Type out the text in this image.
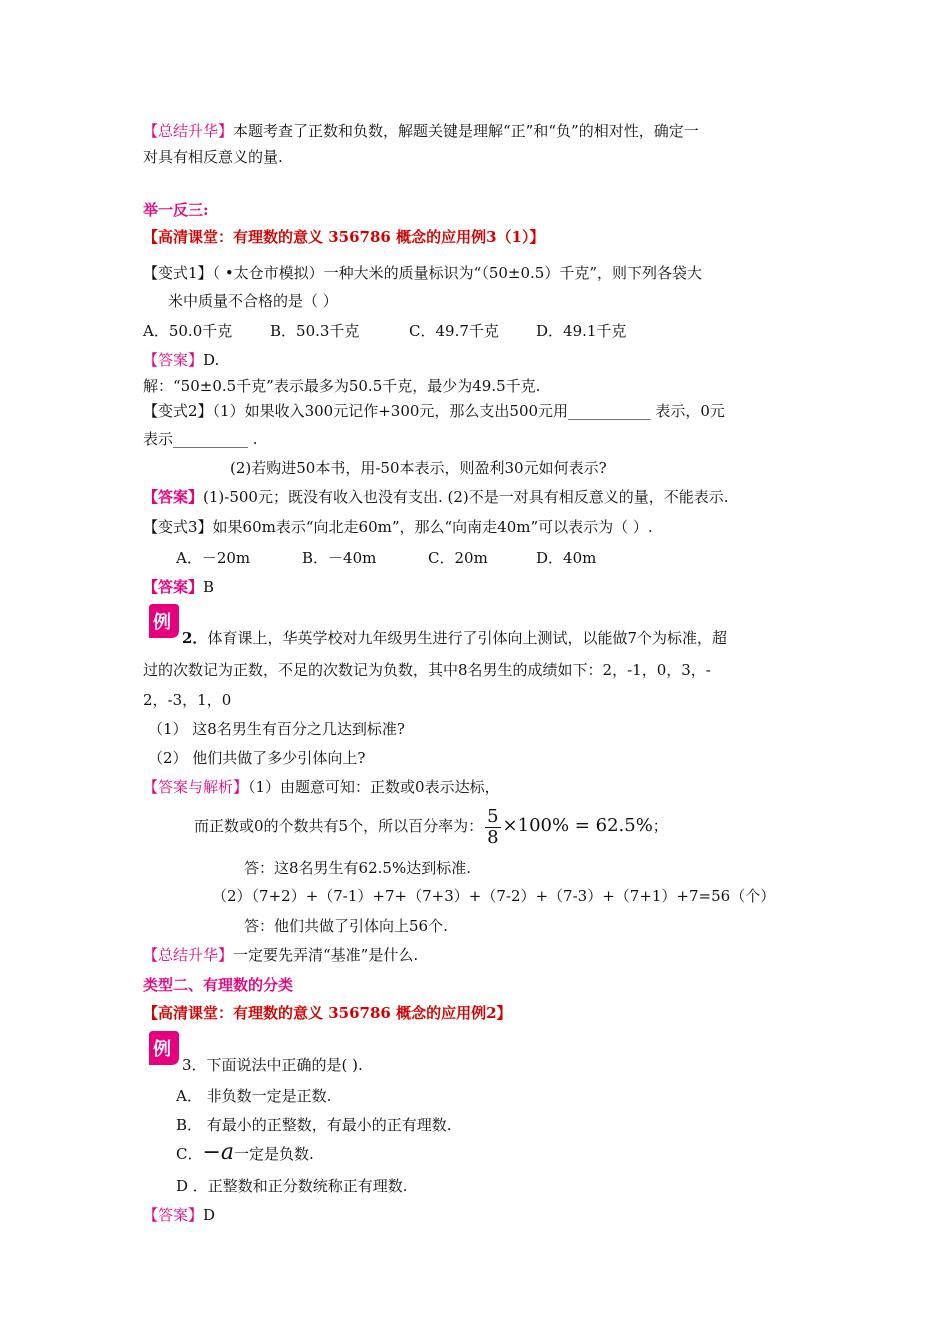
【总结升华】本题考查了正数和负数，解题关键是理解“正”和“负”的相对性，确定一
对具有相反意义的量.
举一反三:
【高清课堂：有理数的意义 356786 概念的应用例3（1）】
【变式1】（ •太仓市模拟）一种大米的质量标识为“（50±0.5）千克”，则下列各袋大
米中质量不合格的是（ ）
A．50.0千克	B．50.3千克	C．49.7千克 D．49.1千克
【答案】D.
解：“50±0.5千克”表示最多为50.5千克，最少为49.5千克.
【变式2】（1）如果收入300元记作+300元，那么支出500元用___________ 表示，0元
表示__________ .
(2)若购进50本书，用-50本表示，则盈利30元如何表示?
【答案】(1)-500元；既没有收入也没有支出. (2)不是一对具有相反意义的量，不能表示.
【变式3】如果60m表示“向北走60m”，那么“向南走40m”可以表示为（ ）.
A．－20m	B．－40m	C．20m	D．40m
【答案】B
例
2．体育课上，华英学校对九年级男生进行了引体向上测试，以能做7个为标准，超
过的次数记为正数，不足的次数记为负数，其中8名男生的成绩如下：2，-1，0，3，-
2，-3，1，0
（1） 这8名男生有百分之几达到标准?
（2） 他们共做了多少引体向上?
【答案与解析】（1）由题意可知：正数或0表示达标，
而正数或0的个数共有5个，所以百分率为： $\frac{5}{8} \times 100\% = 62.5\%$；
答：这8名男生有62.5%达到标准.
（2）（7+2）+（7-1）+7+（7+3）+（7-2）+（7-3）+（7+1）+7=56（个）
答：他们共做了引体向上56个.
【总结升华】一定要先弄清“基准”是什么.
类型二、有理数的分类
【高清课堂：有理数的意义 356786 概念的应用例2】
例
3．下面说法中正确的是( ).
A． 非负数一定是正数.
B． 有最小的正整数，有最小的正有理数.
C．−a一定是负数.
D ．正整数和正分数统称正有理数.
【答案】D
